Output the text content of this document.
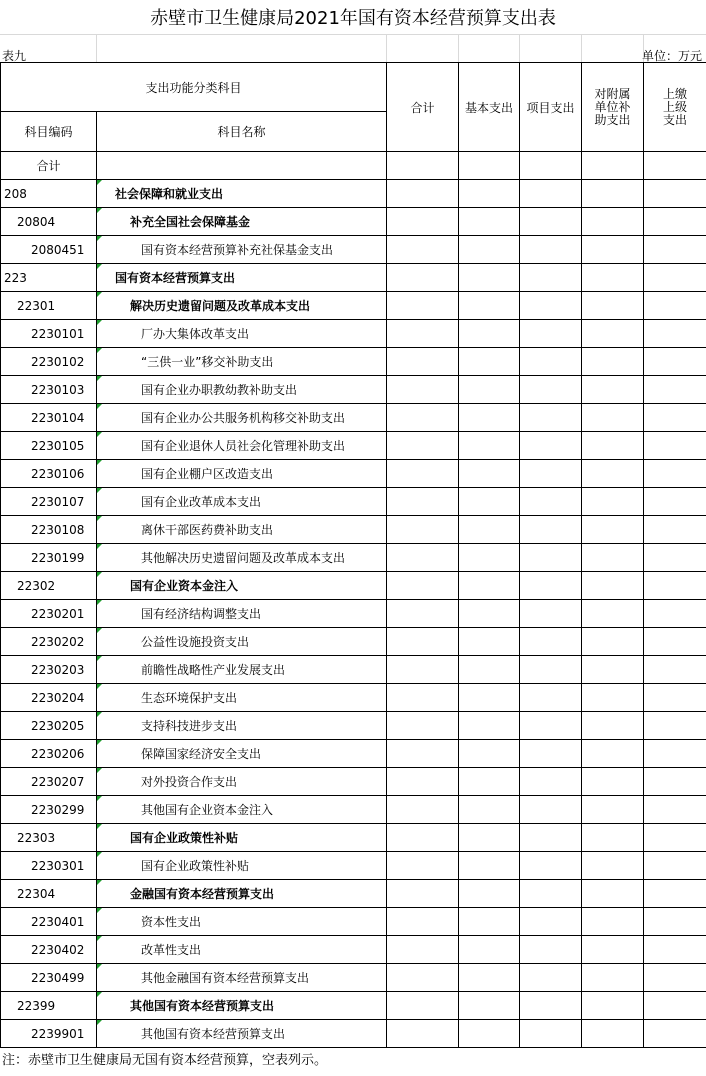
赤壁市卫生健康局2021年国有资本经营预算支出表
表九	单位：万元
支出功能分类科目		合计	基本支出	项目支出	对附属单位补助支出	上缴上级支出

科目编码	科目名称					
合计						
208	社会保障和就业支出

20804	补充全国社会保障基金

2080451	国有资本经营预算补充社保基金支出

223	国有资本经营预算支出

22301	解决历史遗留问题及改革成本支出

2230101	厂办大集体改革支出

2230102	“三供一业”移交补助支出

2230103	国有企业办职教幼教补助支出

2230104	国有企业办公共服务机构移交补助支出

2230105	国有企业退休人员社会化管理补助支出

2230106	国有企业棚户区改造支出

2230107	国有企业改革成本支出

2230108	离休干部医药费补助支出

2230199	其他解决历史遗留问题及改革成本支出

22302	国有企业资本金注入

2230201	国有经济结构调整支出

2230202	公益性设施投资支出

2230203	前瞻性战略性产业发展支出

2230204	生态环境保护支出

2230205	支持科技进步支出

2230206	保障国家经济安全支出

2230207	对外投资合作支出

2230299	其他国有企业资本金注入

22303	国有企业政策性补贴

2230301	国有企业政策性补贴

22304	金融国有资本经营预算支出

2230401	资本性支出

2230402	改革性支出

2230499	其他金融国有资本经营预算支出

22399	其他国有资本经营预算支出

2239901	其他国有资本经营预算支出

注：赤壁市卫生健康局无国有资本经营预算，空表列示。
